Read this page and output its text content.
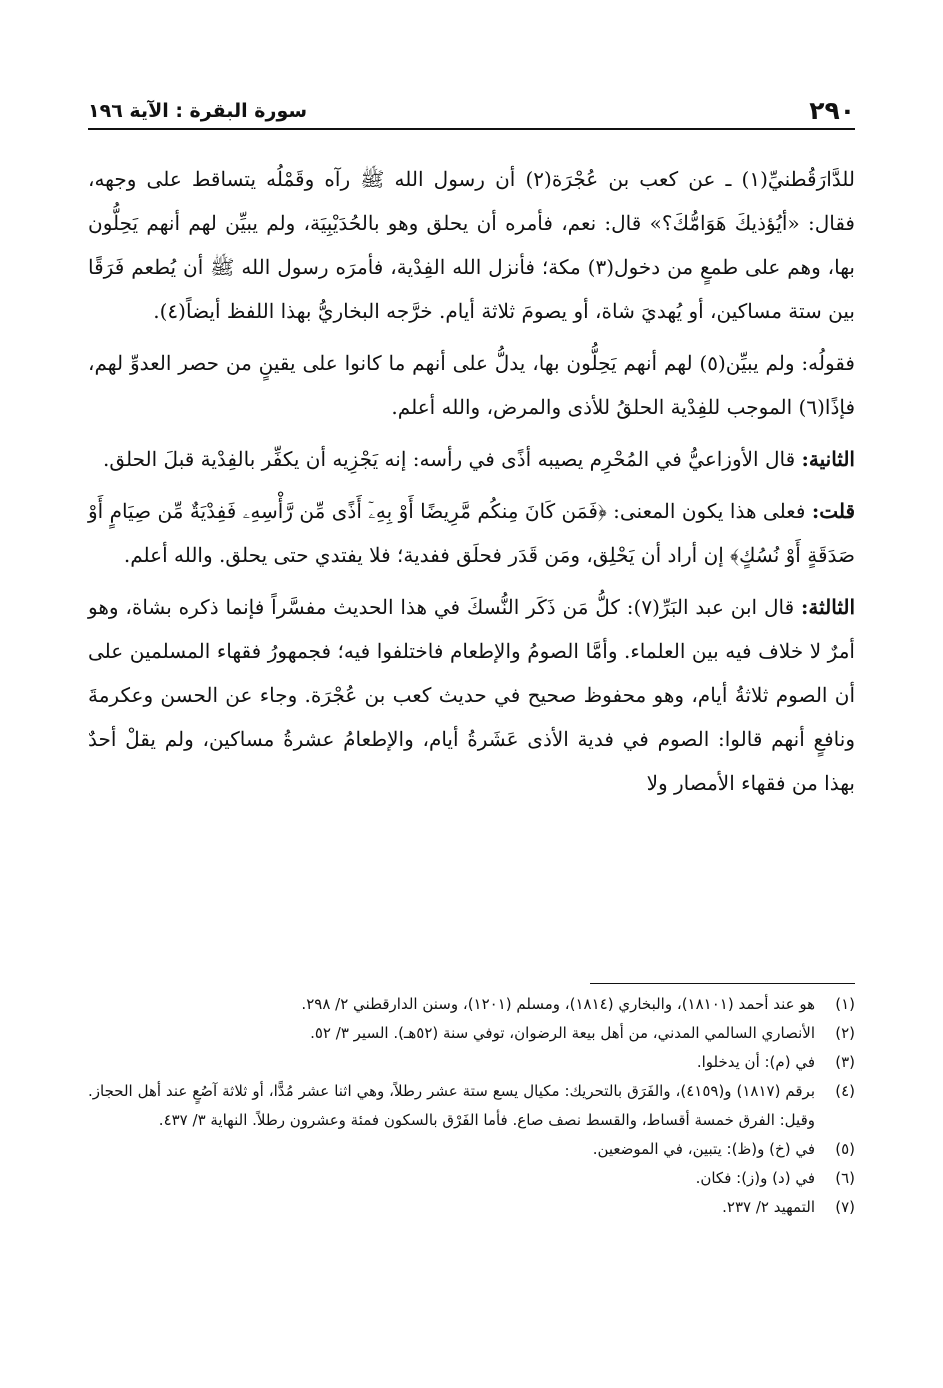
٢٩٠
سورة البقرة : الآية ١٩٦

للدَّارَقُطنيِّ(١) ـ عن كعب بن عُجْرَة(٢) أن رسول الله ﷺ رآه وقَمْلُه يتساقط على وجهه، فقال: «أيُؤذيكَ هَوَامُّكَ؟» قال: نعم، فأمره أن يحلق وهو بالحُدَيْبِيَة، ولم يبيِّن لهم أنهم يَحِلُّون بها، وهم على طمعٍ من دخول(٣) مكة؛ فأنزل الله الفِدْية، فأمرَه رسول الله ﷺ أن يُطعم فَرَقًا بين ستة مساكين، أو يُهديَ شاة، أو يصومَ ثلاثة أيام. خرَّجه البخاريُّ بهذا اللفظ أيضاً(٤).

فقولُه: ولم يبيِّن(٥) لهم أنهم يَحِلُّون بها، يدلُّ على أنهم ما كانوا على يقينٍ من حصر العدوِّ لهم، فإذًا(٦) الموجب للفِدْية الحلقُ للأذى والمرض، والله أعلم.

الثانية: قال الأوزاعيُّ في المُحْرِم يصيبه أذًى في رأسه: إنه يَجْزِيه أن يكفِّر بالفِدْية قبلَ الحلق.

قلت: فعلى هذا يكون المعنى: ﴿فَمَن كَانَ مِنكُم مَّرِيضًا أَوْ بِهِۦٓ أَذًى مِّن رَّأْسِهِۦ فَفِدْيَةٌ مِّن صِيَامٍ أَوْ صَدَقَةٍ أَوْ نُسُكٍ﴾ إن أراد أن يَحْلِق، ومَن قَدَر فحلَق ففدية؛ فلا يفتدي حتى يحلق. والله أعلم.

الثالثة: قال ابن عبد البَرِّ(٧): كلُّ مَن ذَكَر النُّسكَ في هذا الحديث مفسَّراً فإنما ذكره بشاة، وهو أمرٌ لا خلاف فيه بين العلماء. وأمَّا الصومُ والإطعام فاختلفوا فيه؛ فجمهورُ فقهاء المسلمين على أن الصوم ثلاثةُ أيام، وهو محفوظ صحيح في حديث كعب بن عُجْرَة. وجاء عن الحسن وعكرمةَ ونافعٍ أنهم قالوا: الصوم في فدية الأذى عَشَرةُ أيام، والإطعامُ عشرةُ مساكين، ولم يقلْ أحدٌ بهذا من فقهاء الأمصار ولا

(١)
هو عند أحمد (١٨١٠١)، والبخاري (١٨١٤)، ومسلم (١٢٠١)، وسنن الدارقطني ٢/ ٢٩٨.
(٢)
الأنصاري السالمي المدني، من أهل بيعة الرضوان، توفي سنة (٥٢هـ). السير ٣/ ٥٢.
(٣)
في (م): أن يدخلوا.
(٤)
برقم (١٨١٧) و(٤١٥٩)، والفَرَق بالتحريك: مكيال يسع ستة عشر رطلاً، وهي اثنا عشر مُدًّا، أو ثلاثة آصُعٍ عند أهل الحجاز. وقيل: الفرق خمسة أقساط، والقسط نصف صاع. فأما الفَرْق بالسكون فمئة وعشرون رطلاً. النهاية ٣/ ٤٣٧.
(٥)
في (خ) و(ظ): يتبين، في الموضعين.
(٦)
في (د) و(ز): فكان.
(٧)
التمهيد ٢/ ٢٣٧.
